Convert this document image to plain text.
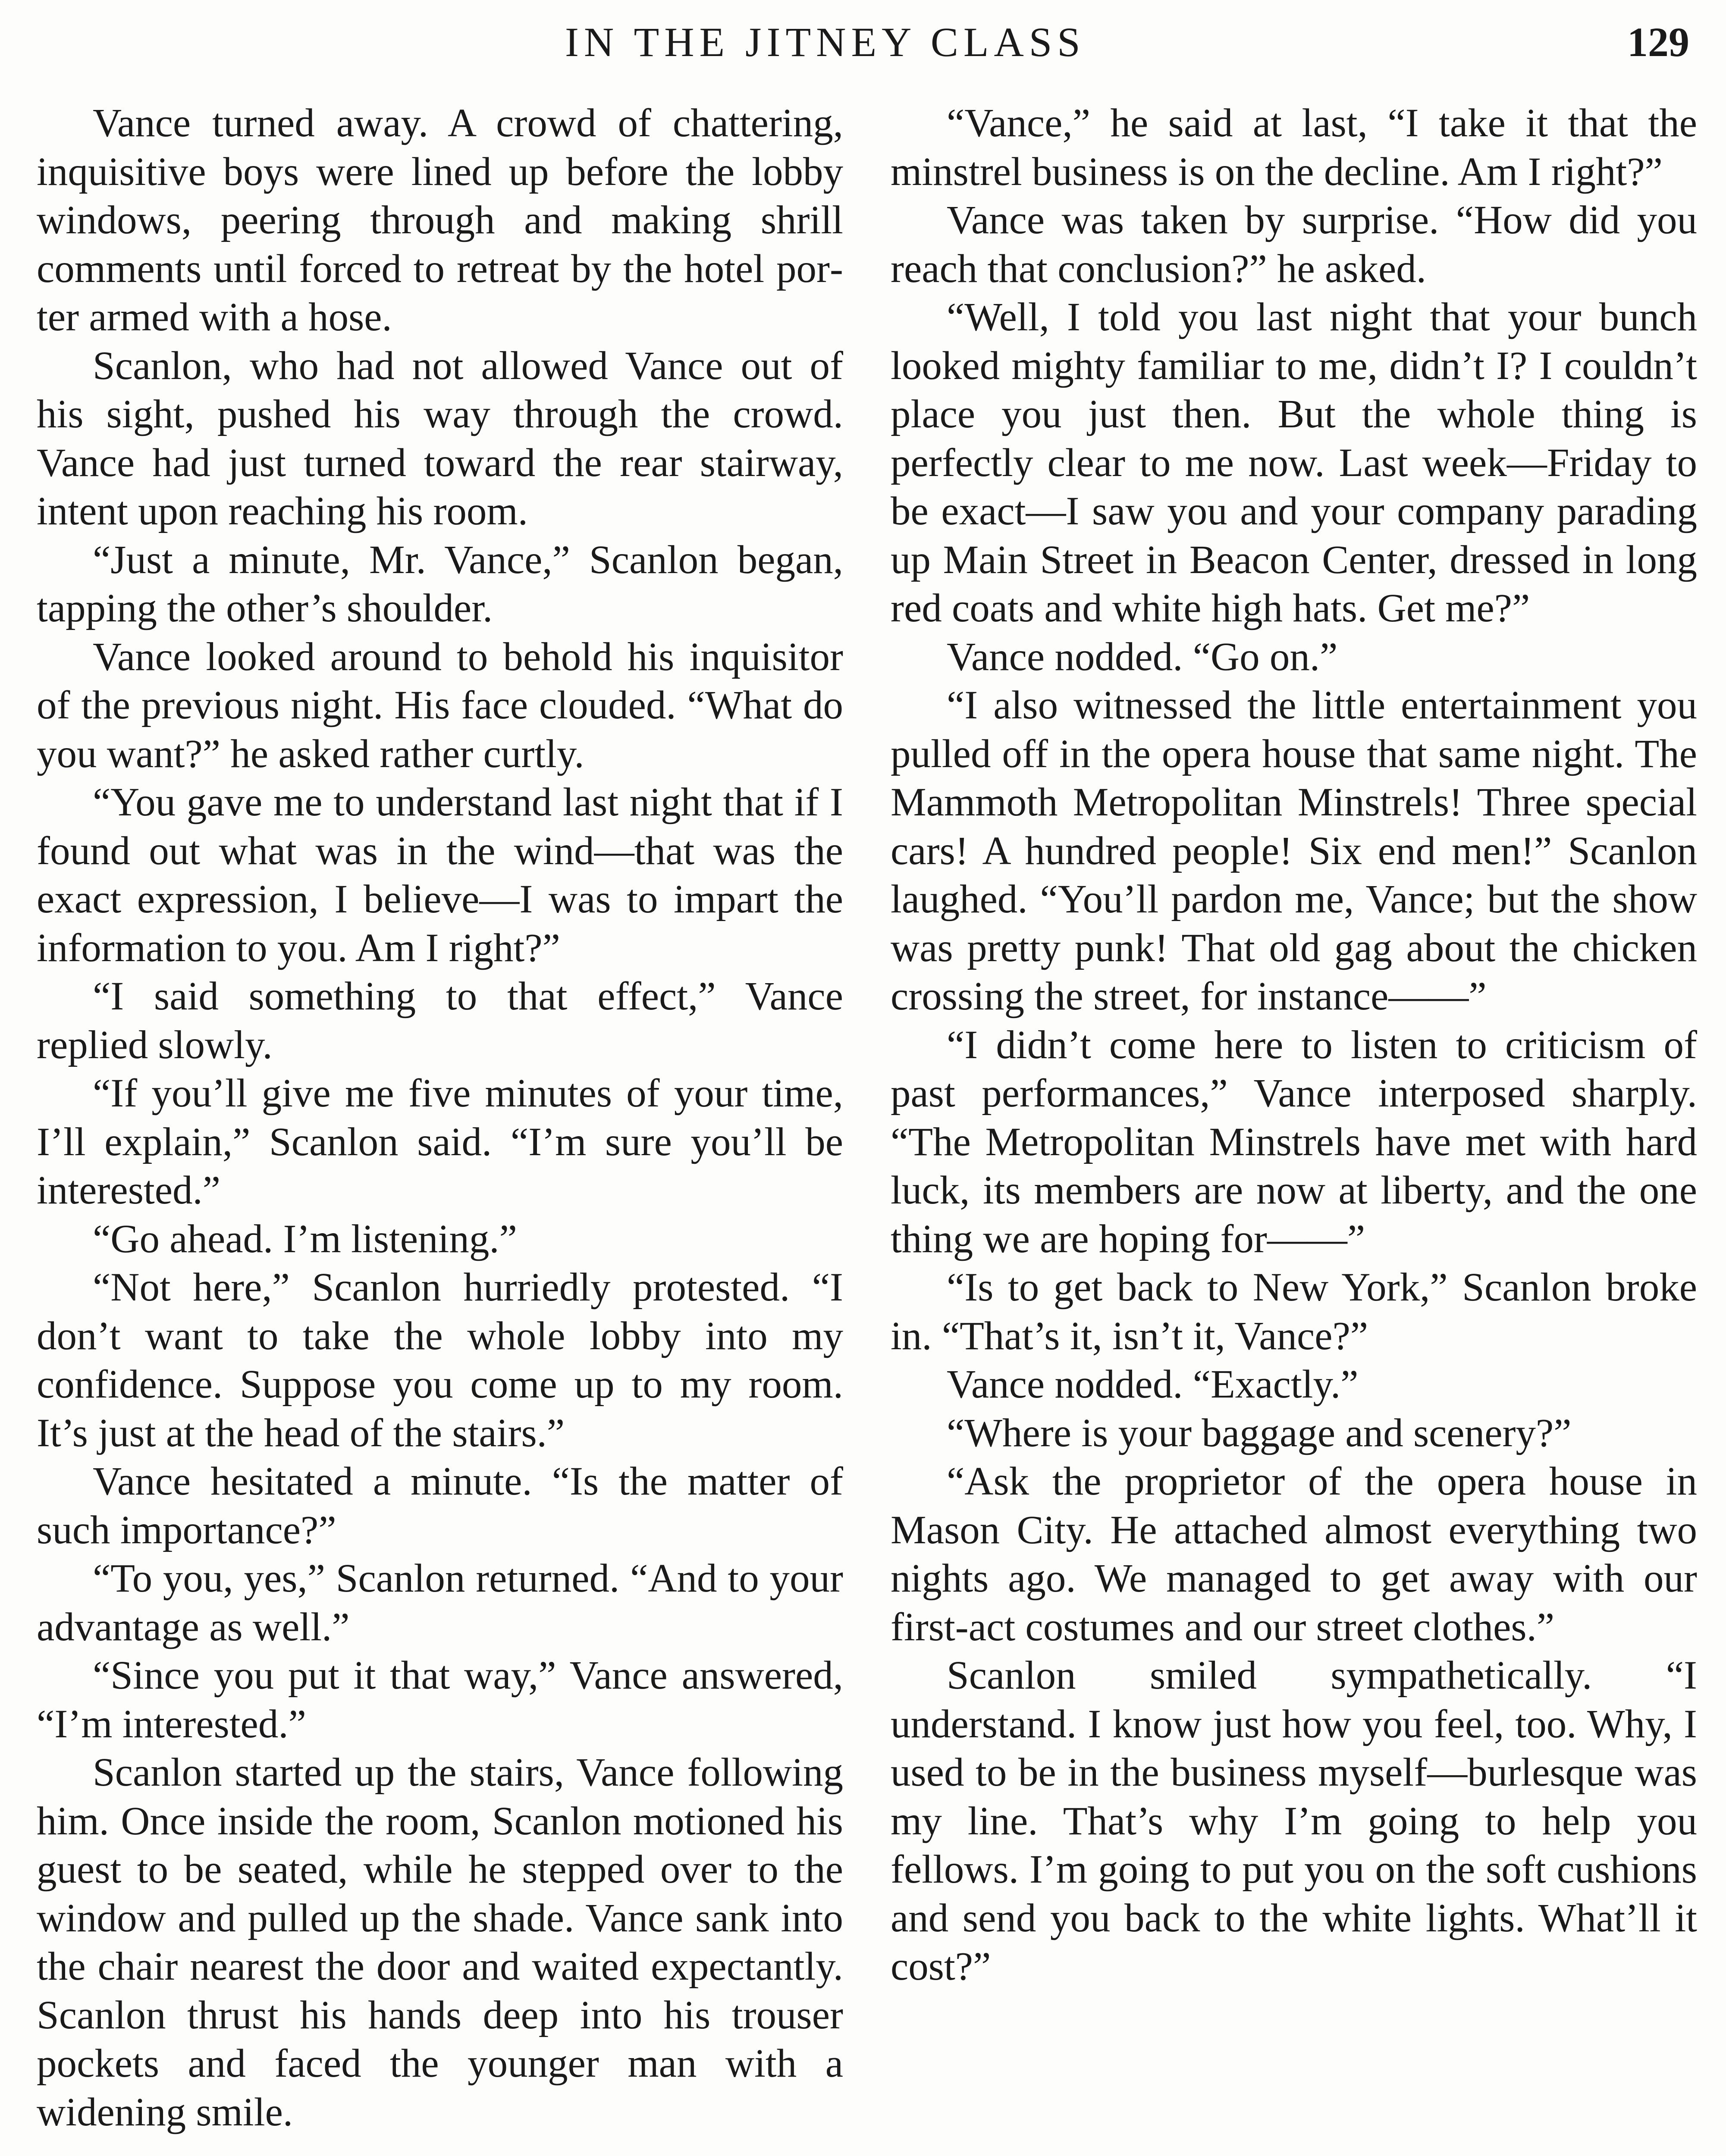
IN THE JITNEY CLASS	129

Vance turned away. A crowd of chattering, inquisitive boys were lined up before the lobby windows, peering through and making shrill comments until forced to retreat by the hotel porter armed with a hose.

Scanlon, who had not allowed Vance out of his sight, pushed his way through the crowd. Vance had just turned toward the rear stairway, intent upon reaching his room.

“Just a minute, Mr. Vance,” Scanlon began, tapping the other’s shoulder.

Vance looked around to behold his inquisitor of the previous night. His face clouded. “What do you want?” he asked rather curtly.

“You gave me to understand last night that if I found out what was in the wind—that was the exact expression, I believe—I was to impart the information to you. Am I right?”

“I said something to that effect,” Vance replied slowly.

“If you’ll give me five minutes of your time, I’ll explain,” Scanlon said. “I’m sure you’ll be interested.”

“Go ahead. I’m listening.”

“Not here,” Scanlon hurriedly protested. “I don’t want to take the whole lobby into my confidence. Suppose you come up to my room. It’s just at the head of the stairs.”

Vance hesitated a minute. “Is the matter of such importance?”

“To you, yes,” Scanlon returned. “And to your advantage as well.”

“Since you put it that way,” Vance answered, “I’m interested.”

Scanlon started up the stairs, Vance following him. Once inside the room, Scanlon motioned his guest to be seated, while he stepped over to the window and pulled up the shade. Vance sank into the chair nearest the door and waited expectantly. Scanlon thrust his hands deep into his trouser pockets and faced the younger man with a widening smile.

“Vance,” he said at last, “I take it that the minstrel business is on the decline. Am I right?”

Vance was taken by surprise. “How did you reach that conclusion?” he asked.

“Well, I told you last night that your bunch looked mighty familiar to me, didn’t I? I couldn’t place you just then. But the whole thing is perfectly clear to me now. Last week—Friday to be exact—I saw you and your company parading up Main Street in Beacon Center, dressed in long red coats and white high hats. Get me?”

Vance nodded. “Go on.”

“I also witnessed the little entertainment you pulled off in the opera house that same night. The Mammoth Metropolitan Minstrels! Three special cars! A hundred people! Six end men!” Scanlon laughed. “You’ll pardon me, Vance; but the show was pretty punk! That old gag about the chicken crossing the street, for instance——”

“I didn’t come here to listen to criticism of past performances,” Vance interposed sharply. “The Metropolitan Minstrels have met with hard luck, its members are now at liberty, and the one thing we are hoping for——”

“Is to get back to New York,” Scanlon broke in. “That’s it, isn’t it, Vance?”

Vance nodded. “Exactly.”

“Where is your baggage and scenery?”

“Ask the proprietor of the opera house in Mason City. He attached almost everything two nights ago. We managed to get away with our first-act costumes and our street clothes.”

Scanlon smiled sympathetically. “I understand. I know just how you feel, too. Why, I used to be in the business myself—burlesque was my line. That’s why I’m going to help you fellows. I’m going to put you on the soft cushions and send you back to the white lights. What’ll it cost?”
